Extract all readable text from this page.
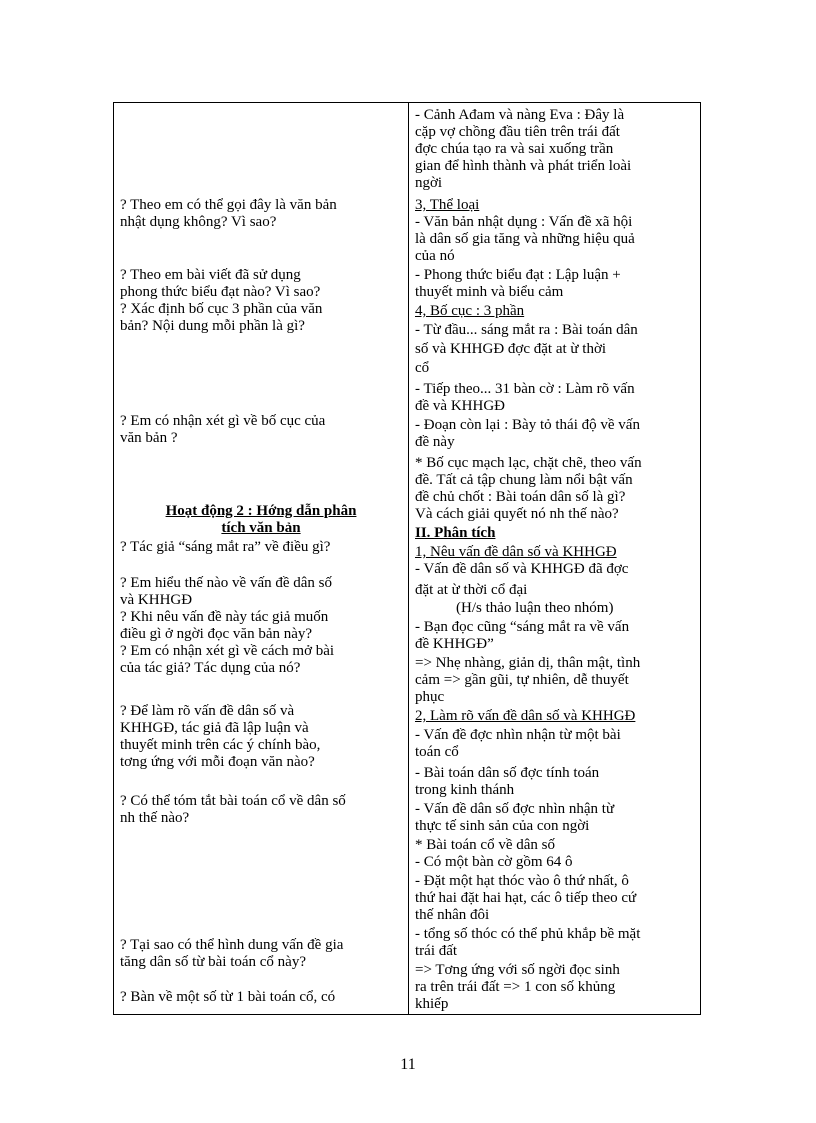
? Theo em có thể gọi đây là văn bản
nhật dụng không? Vì sao?
? Theo em bài viết đã sử dụng
phong thức biểu đạt nào? Vì sao?
? Xác định bố cục 3 phần của văn
bản? Nội dung mỗi phần là gì?
? Em có nhận xét gì về bố cục của
văn bản ?
Hoạt động 2 : Hớng dẫn phân
tích văn bản
? Tác giả “sáng mắt ra” về điều gì?
? Em hiểu thế nào về vấn đề dân số
và KHHGĐ
? Khi nêu vấn đề này tác giả muốn
điều gì ở ngời đọc văn bản này?
? Em có nhận xét gì về cách mở bài
của tác giả? Tác dụng của nó?
? Để làm rõ vấn đề dân số và
KHHGĐ, tác giả đã lập luận và
thuyết minh trên các ý chính bào,
tơng ứng với mỗi đoạn văn nào?
? Có thể tóm tắt bài toán cổ về dân số
nh thế nào?
? Tại sao có thể hình dung vấn đề gia
tăng dân số từ bài toán cổ này?
? Bàn về một số từ 1 bài toán cổ, có
- Cảnh Ađam và nàng Eva : Đây là
cặp vợ chồng đầu tiên trên trái đất
đợc chúa tạo ra và sai xuống trần
gian để hình thành và phát triển loài
ngời
3, Thể loại
- Văn bản nhật dụng : Vấn đề xã hội
là dân số gia tăng và những hiệu quả
của nó
- Phong thức biểu đạt : Lập luận +
thuyết minh và biểu cảm
4, Bố cục : 3 phần
- Từ đầu... sáng mắt ra : Bài toán dân
số và KHHGĐ đợc đặt at ừ thời
cổ
- Tiếp theo... 31 bàn cờ : Làm rõ vấn
đề và KHHGĐ
- Đoạn còn lại : Bày tỏ thái độ về vấn
đề này
* Bố cục mạch lạc, chặt chẽ, theo vấn
đề. Tất cả tập chung làm nổi bật vấn
đề chủ chốt : Bài toán dân số là gì?
Và cách giải quyết nó nh thế nào?
II. Phân tích
1, Nêu vấn đề dân số và KHHGĐ
- Vấn đề dân số và KHHGĐ đã đợc
đặt at ừ thời cổ đại
(H/s thảo luận theo nhóm)
- Bạn đọc cũng “sáng mắt ra về vấn
đề KHHGĐ”
=> Nhẹ nhàng, giản dị, thân mật, tình
cảm => gần gũi, tự nhiên, dễ thuyết
phục
2, Làm rõ vấn đề dân số và KHHGĐ
- Vấn đề đợc nhìn nhận từ một bài
toán cổ
- Bài toán dân số đợc tính toán
trong kinh thánh
- Vấn đề dân số đợc nhìn nhận từ
thực tế sinh sản của con ngời
* Bài toán cổ về dân số
- Có một bàn cờ gồm 64 ô
- Đặt một hạt thóc vào ô thứ nhất, ô
thứ hai đặt hai hạt, các ô tiếp theo cứ
thế nhân đôi
- tổng số thóc có thể phủ khắp bề mặt
trái đất
=> Tơng ứng với số ngời đọc sinh
ra trên trái đất => 1 con số khủng
khiếp
11
